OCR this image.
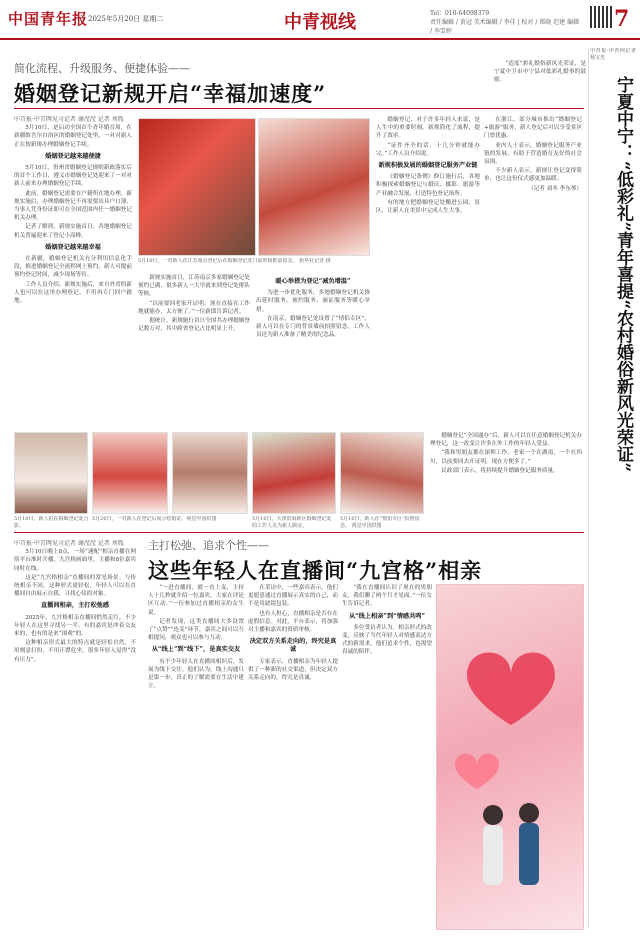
中国青年报 2025年5月20日 星期二	中青视线	Tel：010-64098379
责任编辑 / 黄冠 美术编辑 / 李佳 | 校对 / 郑晓 迟建 编辑 / 李雪婷	7
简化流程、升级服务、便捷体验——
婚姻登记新规开启“幸福加速度”
中青报·中青网见习记者 谢滢滢 记者 刘胤

5月10日，是启动全国首个青年婚育周，在新疆维吾尔自治区的婚姻登记处里，一对对新人正在按新规办理婚姻登记手续。

婚姻登记越来越便捷

5月10日，贵州省婚姻登记规则新政落实后的首个工作日，遵义市婚姻登记处迎来了一对对新人前来办理婚姻登记手续。

此前，婚姻登记需要在户籍所在地办理，新规实施后，办理婚姻登记不再需要出具户口簿，当事人凭身份证即可在全国范围内任一婚姻登记机关办理。

记者了解到，新规实施首日，各地婚姻登记机关普遍迎来了登记小高峰。

婚姻登记越来越幸福

在新疆，婚姻登记机关充分利用信息化手段，推进婚姻登记全流程网上预约，新人可提前预约登记时间，减少现场等待。

工作人员介绍，新规实施后，来自外省的新人也可以在这里办理登记，不用再专门回户籍地。

5月10日，一对新人在江苏南京登记后在婚姻登记处门前的相框前留念。 新华社记者 摄

新规实施首日，江苏南京多家婚姻登记处预约已满，很多新人一大早就来到登记处排队等候。

“以前要回老家开证明，现在直接在工作地就能办，太方便了。”一位新郎告诉记者。

据统计，新规施行首日全国共办理婚姻登记数万对，其中跨省登记占比明显上升。

暖心举措为登记“减负增温”

为进一步优化服务，多地婚姻登记机关推出延时服务、预约服务、颁证服务等暖心举措。

在南京，婚姻登记处设置了“情侣专区”，新人可以在专门的背景墙前拍照留念，工作人员还为新人准备了精美的纪念品。

婚姻登记，对于许多年轻人来说，是人生中的重要时刻。新规简化了流程，提升了效率。

“证件齐全的话，十几分钟就能办完。”工作人员介绍说。

新规积极发展的婚姻登记服务产业链

《婚姻登记条例》修订施行后，各地积极探索婚姻登记与婚庆、摄影、旅游等产业融合发展，打造特色登记场所。

有的地方把婚姻登记处搬进公园、景区，让新人在美景中完成人生大事。

在浙江，部分城市推出“婚姻登记+旅游”服务，新人登记后可以享受景区门票优惠。

业内人士表示，婚姻登记服务产业链的发展，有助于营造婚育友好的社会氛围。

不少新人表示，新规让登记变得简单，也让这份仪式感更加温暖。

（记者 刘冬 李东琴）

5月10日，新人们在婚姻登记处合影。
5月20日，一对新人在登记后展示结婚证。视觉中国供图	5月10日，天津滨海新区婚姻登记处的工作人员为新人颁证。
5月10日，新人在“情侣专区”拍照留念。 视觉中国供图

婚姻登记“全国通办”后，新人可以在任意婚姻登记机关办理登记，这一改变让许多在外工作的年轻人受益。

“我和男朋友都在深圳工作，老家一个在湖南，一个在四川，以前要回去开证明，现在方便多了。”

民政部门表示，将持续提升婚姻登记服务质量。

中青报·中青网见习记者 谢滢滢 记者 刘胤

5月10日晚上8点，一场“速配”相亲直播在网络平台准时开播，九宫格画面里，主播和8位嘉宾同时在线。

这是“九宫格相亲”直播间的常见场景。与传统相亲不同，这种形式更轻松，年轻人可以在直播间自由展示自我，寻找心仪的对象。

直播间相亲，主打松弛感

2025年，九宫格相亲直播间悄然走红，不少年轻人在这里寻找另一半。有的嘉宾是冲着交友来的，也有的是来“围观”的。

这种相亲形式最大的特点就是轻松自然，不用刻意打扮，不用正襟危坐，很多年轻人觉得“没有压力”。

主打松弛、追求个性——
这些年轻人在直播间“九宫格”相亲

“一进直播间，就一直上麦，主持人十几秒就介绍一位嘉宾，大家在评论区互动。”一位参加过直播相亲的女生说。

记者发现，这类直播间大多设置了“点赞”“连麦”环节，嘉宾之间可以互相提问，观众也可以参与互动。

从“线上”到“线下”，是真实交友

有不少年轻人在直播间相识后，发展为线下交往。他们认为，线上沟通只是第一步，真正的了解需要在生活中建立。

在采访中，一些嘉宾表示，他们更愿意通过直播展示真实的自己，而不是用滤镜包装。

也有人担心，直播相亲是否存在虚假信息。对此，平台表示，将加强对主播和嘉宾的资质审核。

决定双方关系走向的，终究是真诚

专家表示，直播相亲为年轻人提供了一种新的社交渠道，但决定双方关系走向的，终究是真诚。

“我在直播间认识了现在的男朋友，我们聊了两个月才见面。”一位女生告诉记者。

从“线上相亲”到“情感共鸣”

多位受访者认为，相亲形式的改变，反映了当代年轻人对情感表达方式的新需求，他们追求个性，也渴望真诚的陪伴。

宁夏中宁：“低彩礼”青年喜提“农村婚俗新风光荣证”
中青报·中青网记者 杨宝光

“适度”彩礼婚俗新风光荣证，是宁夏中卫市中宁县对低彩礼婚事的鼓励。
